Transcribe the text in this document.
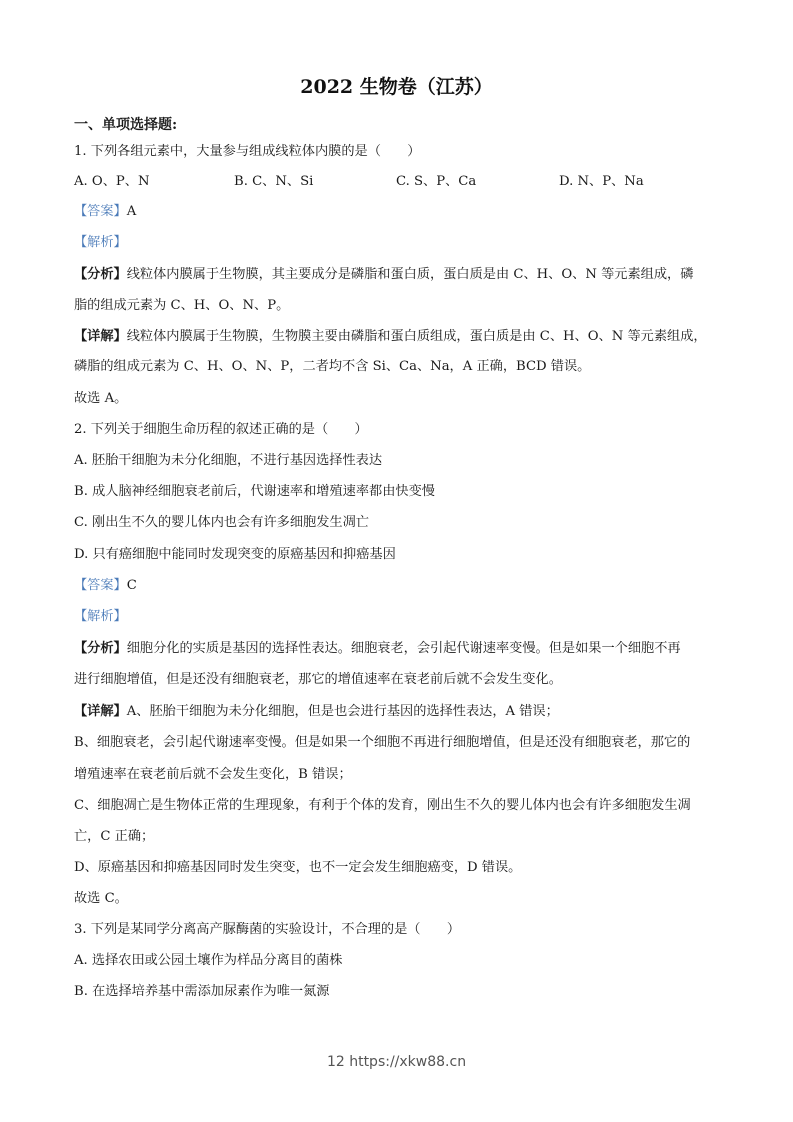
2022 生物卷（江苏）
一、单项选择题:
1. 下列各组元素中，大量参与组成线粒体内膜的是（　　）
A. O、P、N	B. C、N、Si	C. S、P、Ca	D. N、P、Na
【答案】A
【解析】
【分析】线粒体内膜属于生物膜，其主要成分是磷脂和蛋白质，蛋白质是由 C、H、O、N 等元素组成，磷
脂的组成元素为 C、H、O、N、P。
【详解】线粒体内膜属于生物膜，生物膜主要由磷脂和蛋白质组成，蛋白质是由 C、H、O、N 等元素组成，
磷脂的组成元素为 C、H、O、N、P，二者均不含 Si、Ca、Na，A 正确，BCD 错误。
故选 A。
2. 下列关于细胞生命历程的叙述正确的是（　　）
A. 胚胎干细胞为未分化细胞，不进行基因选择性表达
B. 成人脑神经细胞衰老前后，代谢速率和增殖速率都由快变慢
C. 刚出生不久的婴儿体内也会有许多细胞发生凋亡
D. 只有癌细胞中能同时发现突变的原癌基因和抑癌基因
【答案】C
【解析】
【分析】细胞分化的实质是基因的选择性表达。细胞衰老，会引起代谢速率变慢。但是如果一个细胞不再
进行细胞增值，但是还没有细胞衰老，那它的增值速率在衰老前后就不会发生变化。
【详解】A、胚胎干细胞为未分化细胞，但是也会进行基因的选择性表达，A 错误；
B、细胞衰老，会引起代谢速率变慢。但是如果一个细胞不再进行细胞增值，但是还没有细胞衰老，那它的
增殖速率在衰老前后就不会发生变化，B 错误；
C、细胞凋亡是生物体正常的生理现象，有利于个体的发育，刚出生不久的婴儿体内也会有许多细胞发生凋
亡，C 正确；
D、原癌基因和抑癌基因同时发生突变，也不一定会发生细胞癌变，D 错误。
故选 C。
3. 下列是某同学分离高产脲酶菌的实验设计，不合理的是（　　）
A. 选择农田或公园土壤作为样品分离目的菌株
B. 在选择培养基中需添加尿素作为唯一氮源
12 https://xkw88.cn
